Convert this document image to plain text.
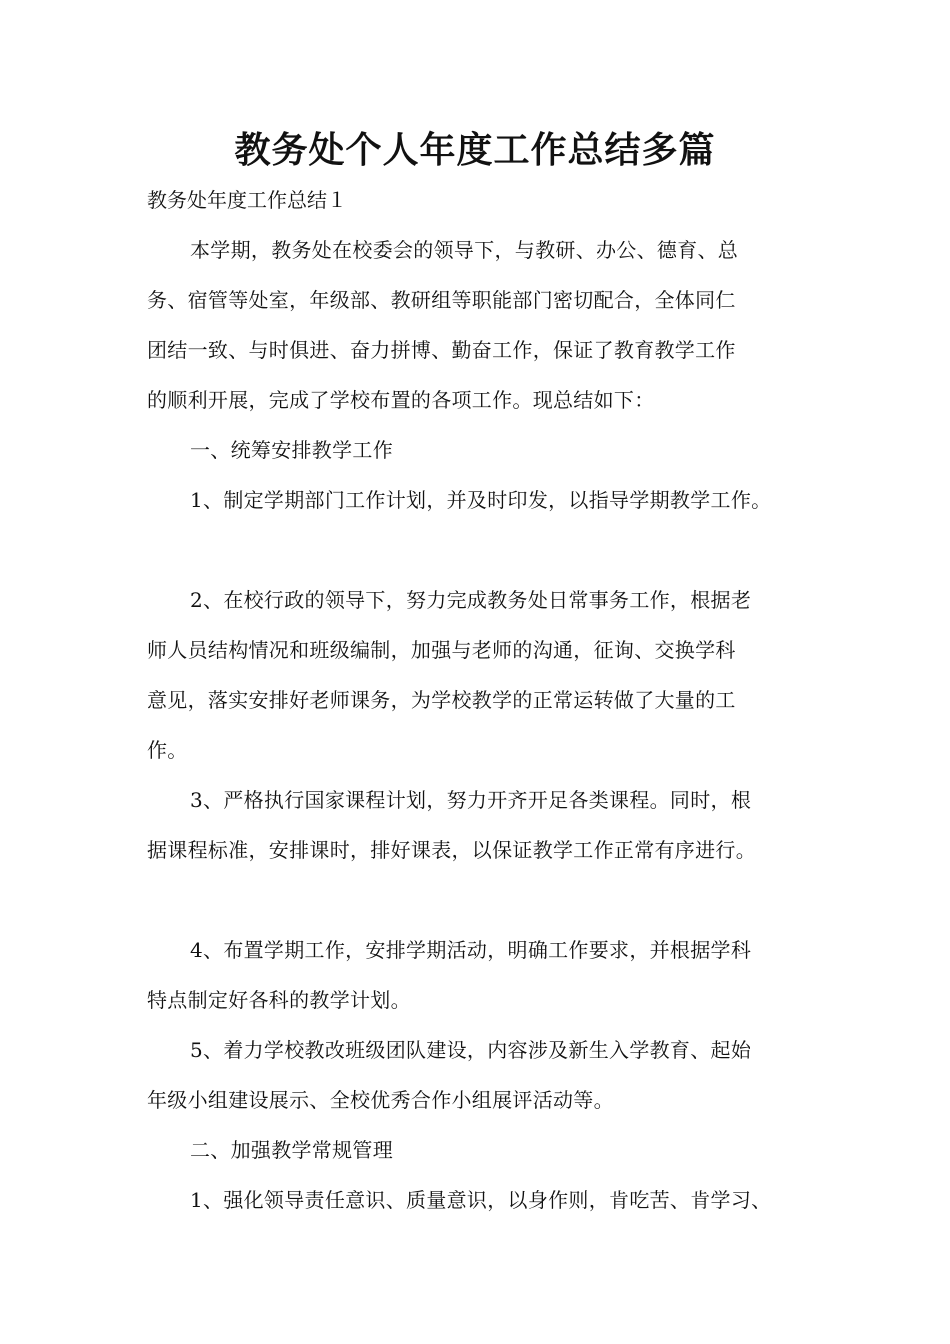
教务处个人年度工作总结多篇
教务处年度工作总结１
本学期，教务处在校委会的领导下，与教研、办公、德育、总
务、宿管等处室，年级部、教研组等职能部门密切配合，全体同仁
团结一致、与时俱进、奋力拼博、勤奋工作，保证了教育教学工作
的顺利开展，完成了学校布置的各项工作。现总结如下：
一、统筹安排教学工作
1、制定学期部门工作计划，并及时印发，以指导学期教学工作。
2、在校行政的领导下，努力完成教务处日常事务工作，根据老
师人员结构情况和班级编制，加强与老师的沟通，征询、交换学科
意见，落实安排好老师课务，为学校教学的正常运转做了大量的工
作。
3、严格执行国家课程计划，努力开齐开足各类课程。同时，根
据课程标准，安排课时，排好课表，以保证教学工作正常有序进行。
4、布置学期工作，安排学期活动，明确工作要求，并根据学科
特点制定好各科的教学计划。
5、着力学校教改班级团队建设，内容涉及新生入学教育、起始
年级小组建设展示、全校优秀合作小组展评活动等。
二、加强教学常规管理
1、强化领导责任意识、质量意识，以身作则，肯吃苦、肯学习、
